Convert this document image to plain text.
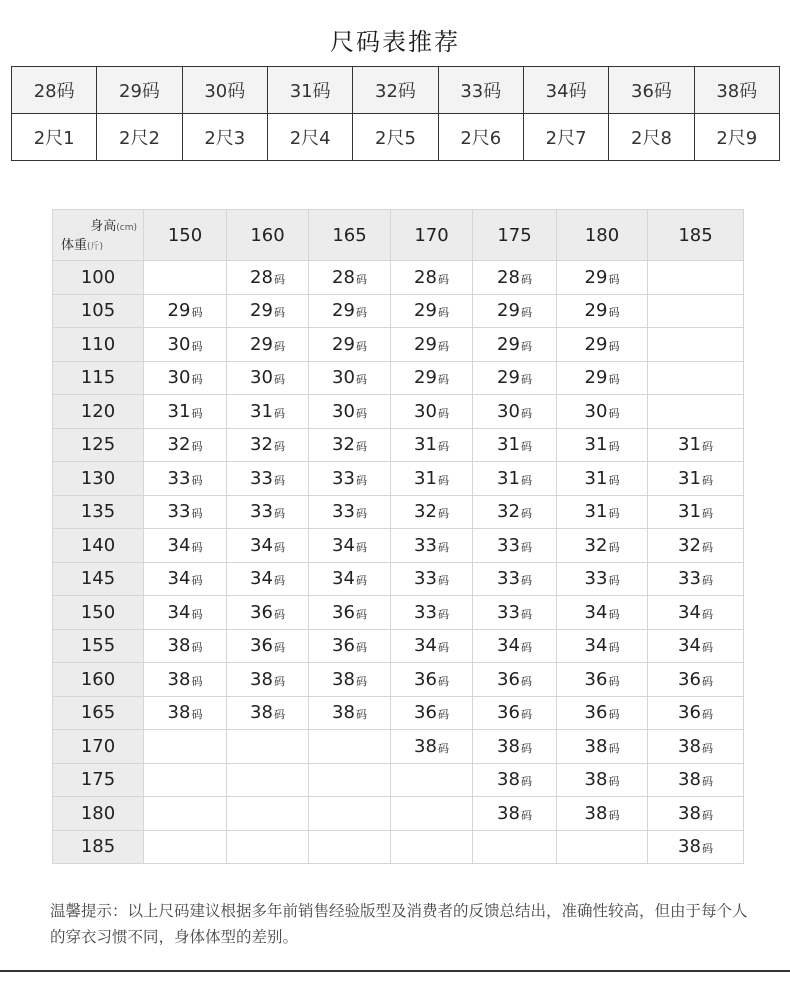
尺码表推荐
28码	29码	30码	31码	32码	33码	34码	36码	38码
2尺1	2尺2	2尺3	2尺4	2尺5	2尺6	2尺7	2尺8	2尺9
身高(cm)
体重(斤)	150	160	165	170	175	180	185
100		28码	28码	28码	28码	29码	
105	29码	29码	29码	29码	29码	29码	
110	30码	29码	29码	29码	29码	29码	
115	30码	30码	30码	29码	29码	29码	
120	31码	31码	30码	30码	30码	30码	
125	32码	32码	32码	31码	31码	31码	31码
130	33码	33码	33码	31码	31码	31码	31码
135	33码	33码	33码	32码	32码	31码	31码
140	34码	34码	34码	33码	33码	32码	32码
145	34码	34码	34码	33码	33码	33码	33码
150	34码	36码	36码	33码	33码	34码	34码
155	38码	36码	36码	34码	34码	34码	34码
160	38码	38码	38码	36码	36码	36码	36码
165	38码	38码	38码	36码	36码	36码	36码
170				38码	38码	38码	38码
175					38码	38码	38码
180					38码	38码	38码
185							38码
温馨提示：以上尺码建议根据多年前销售经验版型及消费者的反馈总结出，准确性较高，但由于每个人的穿衣习惯不同，身体体型的差别。
